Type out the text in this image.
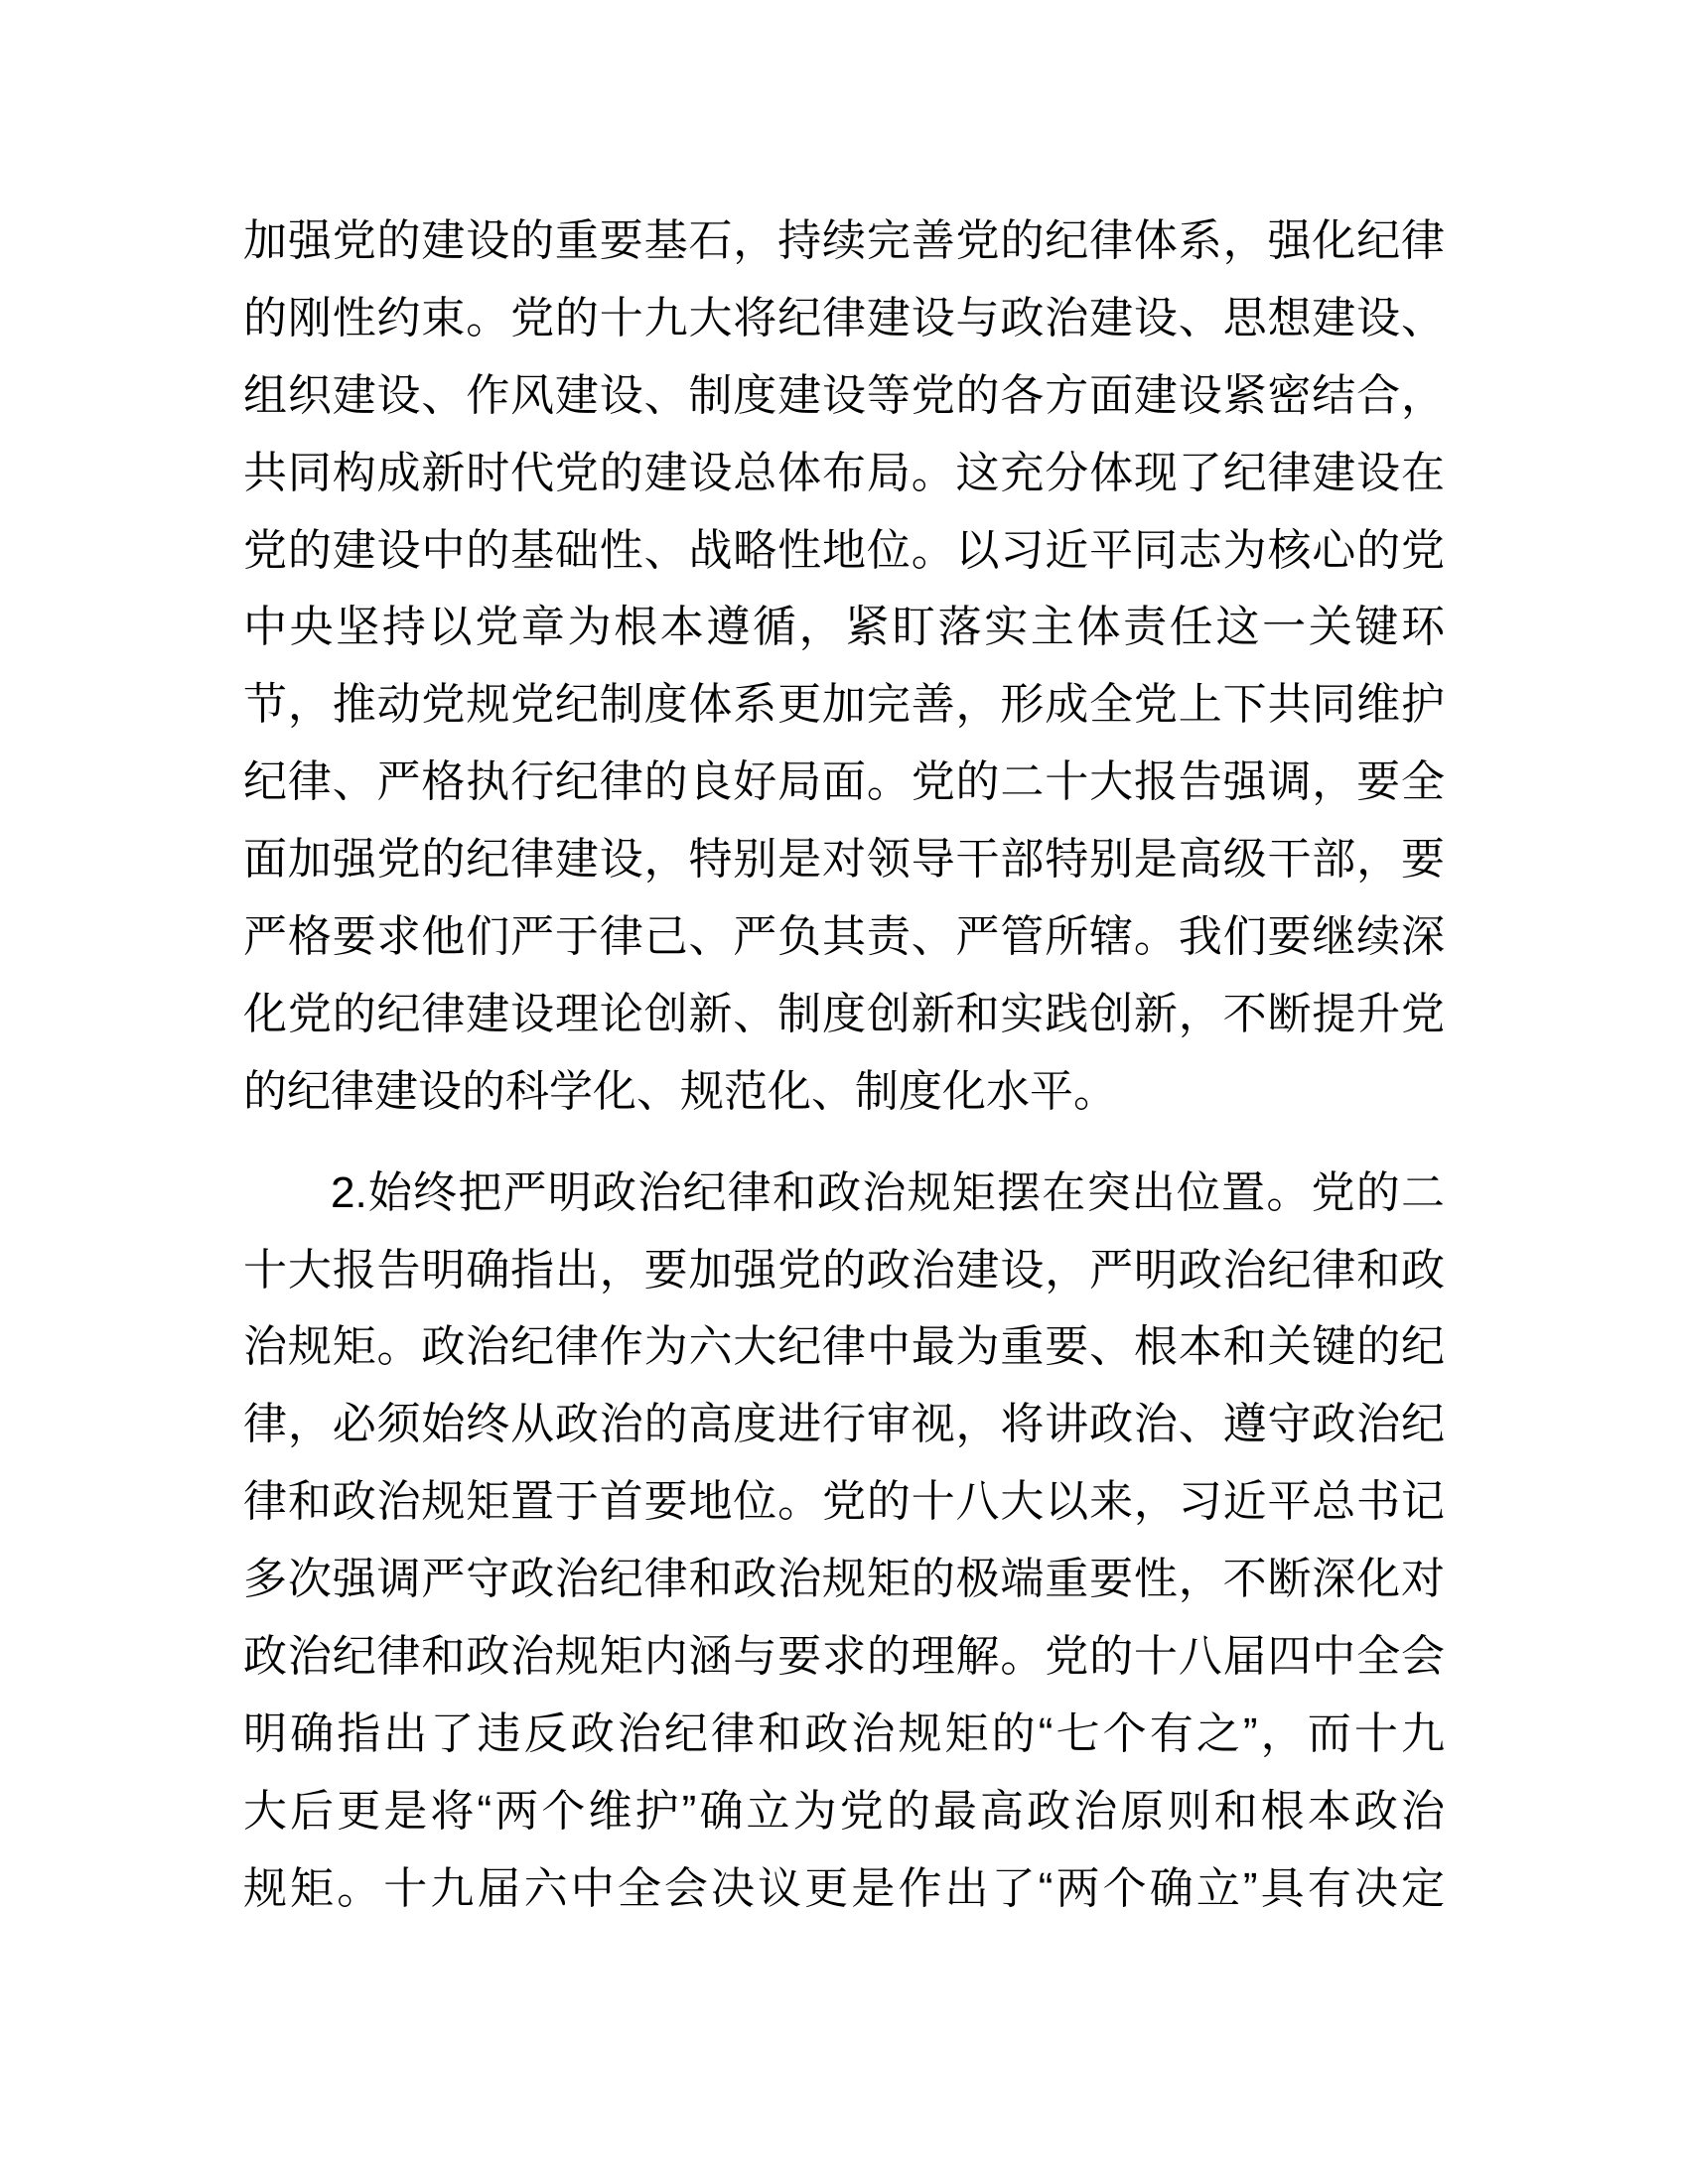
加强党的建设的重要基石，持续完善党的纪律体系，强化纪律
的刚性约束。党的十九大将纪律建设与政治建设、思想建设、
组织建设、作风建设、制度建设等党的各方面建设紧密结合，
共同构成新时代党的建设总体布局。这充分体现了纪律建设在
党的建设中的基础性、战略性地位。以习近平同志为核心的党
中央坚持以党章为根本遵循，紧盯落实主体责任这一关键环
节，推动党规党纪制度体系更加完善，形成全党上下共同维护
纪律、严格执行纪律的良好局面。党的二十大报告强调，要全
面加强党的纪律建设，特别是对领导干部特别是高级干部，要
严格要求他们严于律己、严负其责、严管所辖。我们要继续深
化党的纪律建设理论创新、制度创新和实践创新，不断提升党
的纪律建设的科学化、规范化、制度化水平。
2.始终把严明政治纪律和政治规矩摆在突出位置。党的二
十大报告明确指出，要加强党的政治建设，严明政治纪律和政
治规矩。政治纪律作为六大纪律中最为重要、根本和关键的纪
律，必须始终从政治的高度进行审视，将讲政治、遵守政治纪
律和政治规矩置于首要地位。党的十八大以来，习近平总书记
多次强调严守政治纪律和政治规矩的极端重要性，不断深化对
政治纪律和政治规矩内涵与要求的理解。党的十八届四中全会
明确指出了违反政治纪律和政治规矩的“七个有之”，而十九
大后更是将“两个维护”确立为党的最高政治原则和根本政治
规矩。十九届六中全会决议更是作出了“两个确立”具有决定
